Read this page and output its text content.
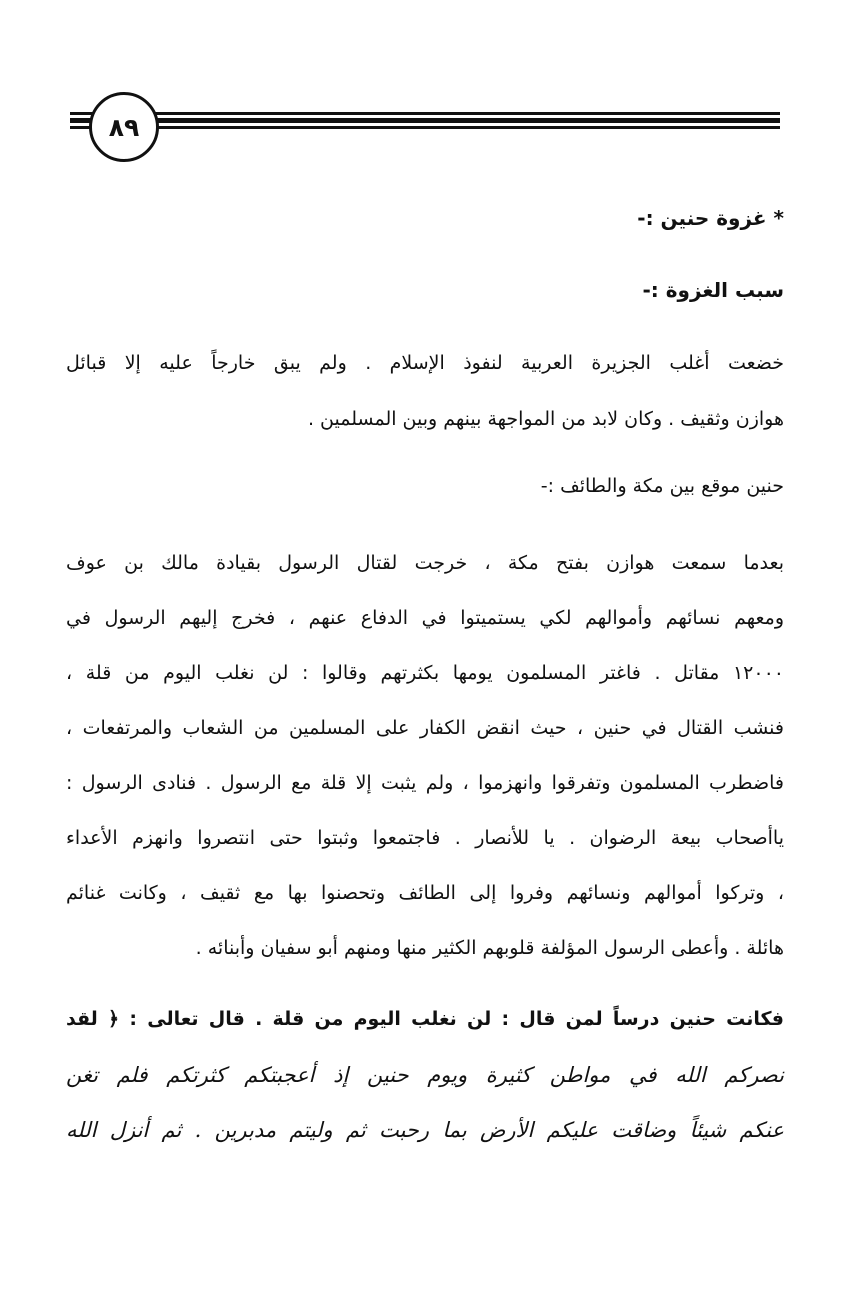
٨٩
* غزوة حنين :-
سبب الغزوة :-
خضعت أغلب الجزيرة العربية لنفوذ الإسلام . ولم يبق خارجاً عليه إلا قبائل
هوازن وثقيف . وكان لابد من المواجهة بينهم وبين المسلمين .
حنين موقع بين مكة والطائف :-
بعدما سمعت هوازن بفتح مكة ، خرجت لقتال الرسول بقيادة مالك بن عوف
ومعهم نسائهم وأموالهم لكي يستميتوا في الدفاع عنهم ، فخرج إليهم الرسول في
١٢٠٠٠ مقاتل . فاغتر المسلمون يومها بكثرتهم وقالوا : لن نغلب اليوم من قلة ،
فنشب القتال في حنين ، حيث انقض الكفار على المسلمين من الشعاب والمرتفعات ،
فاضطرب المسلمون وتفرقوا وانهزموا ، ولم يثبت إلا قلة مع الرسول . فنادى الرسول :
ياأصحاب بيعة الرضوان . يا للأنصار . فاجتمعوا وثبتوا حتى انتصروا وانهزم الأعداء
، وتركوا أموالهم ونسائهم وفروا إلى الطائف وتحصنوا بها مع ثقيف ، وكانت غنائم
هائلة . وأعطى الرسول المؤلفة قلوبهم الكثير منها ومنهم أبو سفيان وأبنائه .
فكانت حنين درساً لمن قال : لن نغلب اليوم من قلة . قال تعالى : ﴿ لقد
نصركم الله في مواطن كثيرة ويوم حنين إذ أعجبتكم كثرتكم فلم تغن
عنكم شيئاً وضاقت عليكم الأرض بما رحبت ثم وليتم مدبرين . ثم أنزل الله
